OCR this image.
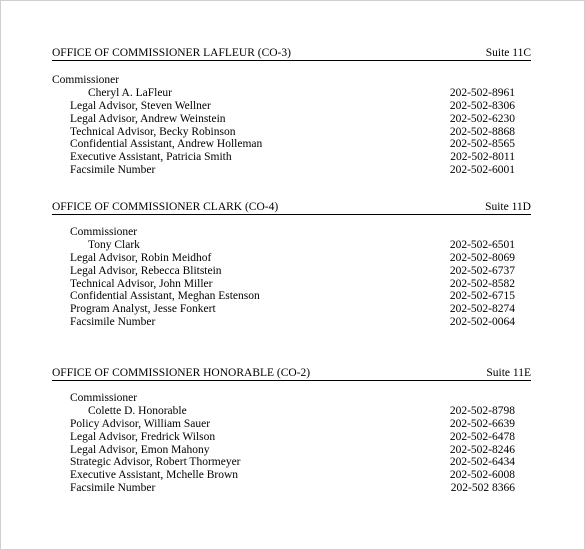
OFFICE OF COMMISSIONER LAFLEUR (CO-3)	Suite 11C
Commissioner
Cheryl A. LaFleur	202-502-8961
Legal Advisor, Steven Wellner	202-502-8306
Legal Advisor, Andrew Weinstein	202-502-6230
Technical Advisor, Becky Robinson	202-502-8868
Confidential Assistant, Andrew Holleman	202-502-8565
Executive Assistant, Patricia Smith	202-502-8011
Facsimile Number	202-502-6001
OFFICE OF COMMISSIONER CLARK (CO-4)	Suite 11D
Commissioner
Tony Clark	202-502-6501
Legal Advisor, Robin Meidhof	202-502-8069
Legal Advisor, Rebecca Blitstein	202-502-6737
Technical Advisor, John Miller	202-502-8582
Confidential Assistant, Meghan Estenson	202-502-6715
Program Analyst, Jesse Fonkert	202-502-8274
Facsimile Number	202-502-0064
OFFICE OF COMMISSIONER HONORABLE (CO-2)	Suite 11E
Commissioner
Colette D. Honorable	202-502-8798
Policy Advisor, William Sauer	202-502-6639
Legal Advisor, Fredrick Wilson	202-502-6478
Legal Advisor, Emon Mahony	202-502-8246
Strategic Advisor, Robert Thormeyer	202-502-6434
Executive Assistant, Mchelle Brown	202-502-6008
Facsimile Number	202-502 8366
